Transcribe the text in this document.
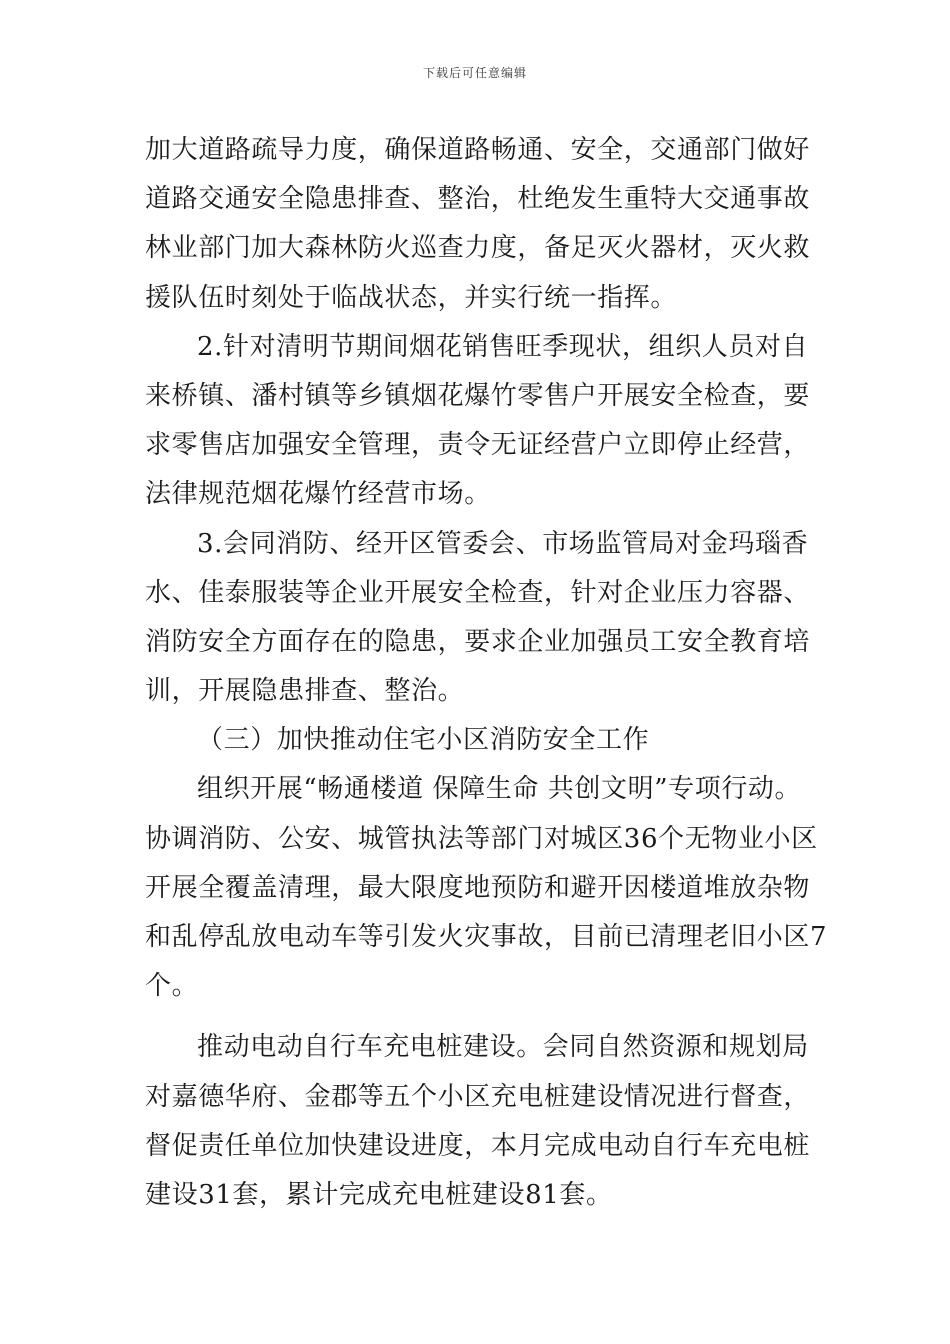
下载后可任意编辑
加大道路疏导力度，确保道路畅通、安全，交通部门做好
道路交通安全隐患排查、整治，杜绝发生重特大交通事故
林业部门加大森林防火巡查力度，备足灭火器材，灭火救
援队伍时刻处于临战状态，并实行统一指挥。
2.针对清明节期间烟花销售旺季现状，组织人员对自
来桥镇、潘村镇等乡镇烟花爆竹零售户开展安全检查，要
求零售店加强安全管理，责令无证经营户立即停止经营，
法律规范烟花爆竹经营市场。
3.会同消防、经开区管委会、市场监管局对金玛瑙香
水、佳泰服装等企业开展安全检查，针对企业压力容器、
消防安全方面存在的隐患，要求企业加强员工安全教育培
训，开展隐患排查、整治。
（三）加快推动住宅小区消防安全工作
组织开展“畅通楼道 保障生命 共创文明”专项行动。
协调消防、公安、城管执法等部门对城区36个无物业小区
开展全覆盖清理，最大限度地预防和避开因楼道堆放杂物
和乱停乱放电动车等引发火灾事故，目前已清理老旧小区7
个。
推动电动自行车充电桩建设。会同自然资源和规划局
对嘉德华府、金郡等五个小区充电桩建设情况进行督查，
督促责任单位加快建设进度，本月完成电动自行车充电桩
建设31套，累计完成充电桩建设81套。
